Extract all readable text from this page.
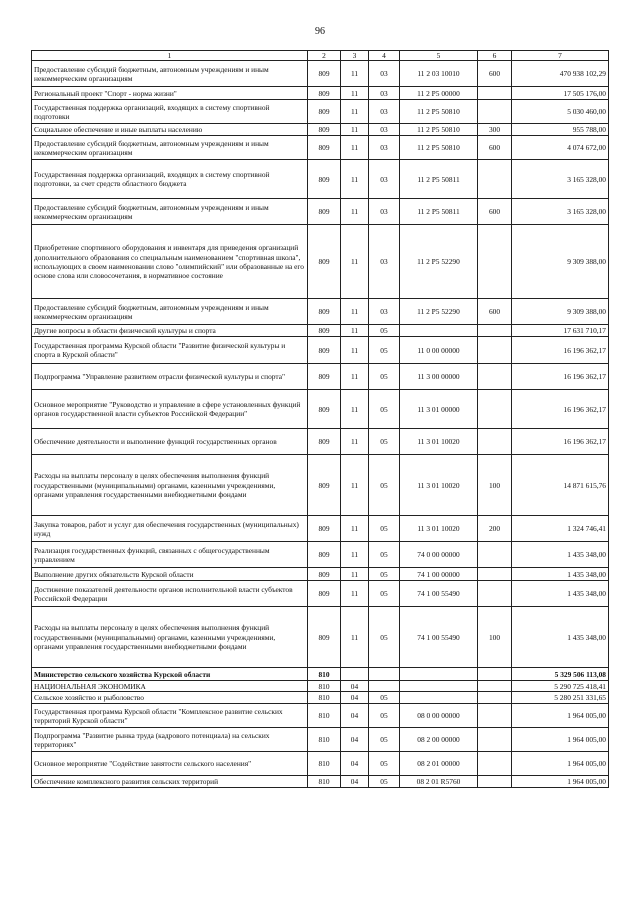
96
1	2	3	4	5	6	7
Предоставление субсидий бюджетным, автономным учреждениям и иным некоммерческим организациям	809	11	03	11 2 03 10010	600	470 938 102,29
Региональный проект "Спорт - норма жизни"	809	11	03	11 2 P5 00000		17 505 176,00
Государственная поддержка организаций, входящих в систему спортивной подготовки	809	11	03	11 2 P5 50810		5 030 460,00
Социальное обеспечение и иные выплаты населению	809	11	03	11 2 P5 50810	300	955 788,00
Предоставление субсидий бюджетным, автономным учреждениям и иным некоммерческим организациям	809	11	03	11 2 P5 50810	600	4 074 672,00
Государственная поддержка организаций, входящих в систему спортивной подготовки, за счет средств областного бюджета	809	11	03	11 2 P5 50811		3 165 328,00
Предоставление субсидий бюджетным, автономным учреждениям и иным некоммерческим организациям	809	11	03	11 2 P5 50811	600	3 165 328,00
Приобретение спортивного оборудования и инвентаря для приведения организаций дополнительного образования со специальным наименованием "спортивная школа", использующих в своем наименовании слово "олимпийский" или образованные на его основе слова или словосочетания, в нормативное состояние	809	11	03	11 2 P5 52290		9 309 388,00
Предоставление субсидий бюджетным, автономным учреждениям и иным некоммерческим организациям	809	11	03	11 2 P5 52290	600	9 309 388,00
Другие вопросы в области физической культуры и спорта	809	11	05			17 631 710,17
Государственная программа Курской области "Развитие физической культуры и спорта в Курской области"	809	11	05	11 0 00 00000		16 196 362,17
Подпрограмма "Управление развитием отрасли физической культуры и спорта"	809	11	05	11 3 00 00000		16 196 362,17
Основное мероприятие "Руководство и управление в сфере установленных функций органов государственной власти субъектов Российской Федерации"	809	11	05	11 3 01 00000		16 196 362,17
Обеспечение деятельности и выполнение функций государственных органов	809	11	05	11 3 01 10020		16 196 362,17
Расходы на выплаты персоналу в целях обеспечения выполнения функций государственными (муниципальными) органами, казенными учреждениями, органами управления государственными внебюджетными фондами	809	11	05	11 3 01 10020	100	14 871 615,76
Закупка товаров, работ и услуг для обеспечения государственных (муниципальных) нужд	809	11	05	11 3 01 10020	200	1 324 746,41
Реализация государственных функций, связанных с общегосударственным управлением	809	11	05	74 0 00 00000		1 435 348,00
Выполнение других обязательств Курской области	809	11	05	74 1 00 00000		1 435 348,00
Достижение показателей деятельности органов исполнительной власти субъектов Российской Федерации	809	11	05	74 1 00 55490		1 435 348,00
Расходы на выплаты персоналу в целях обеспечения выполнения функций государственными (муниципальными) органами, казенными учреждениями, органами управления государственными внебюджетными фондами	809	11	05	74 1 00 55490	100	1 435 348,00
Министерство сельского хозяйства Курской области	810					5 329 506 113,08
НАЦИОНАЛЬНАЯ ЭКОНОМИКА	810	04				5 290 725 418,41
Сельское хозяйство и рыболовство	810	04	05			5 280 251 331,65
Государственная программа Курской области "Комплексное развитие сельских территорий Курской области"	810	04	05	08 0 00 00000		1 964 005,00
Подпрограмма "Развитие рынка труда (кадрового потенциала) на сельских территориях"	810	04	05	08 2 00 00000		1 964 005,00
Основное мероприятие "Содействие занятости сельского населения"	810	04	05	08 2 01 00000		1 964 005,00
Обеспечение комплексного развития сельских территорий	810	04	05	08 2 01 R5760		1 964 005,00
